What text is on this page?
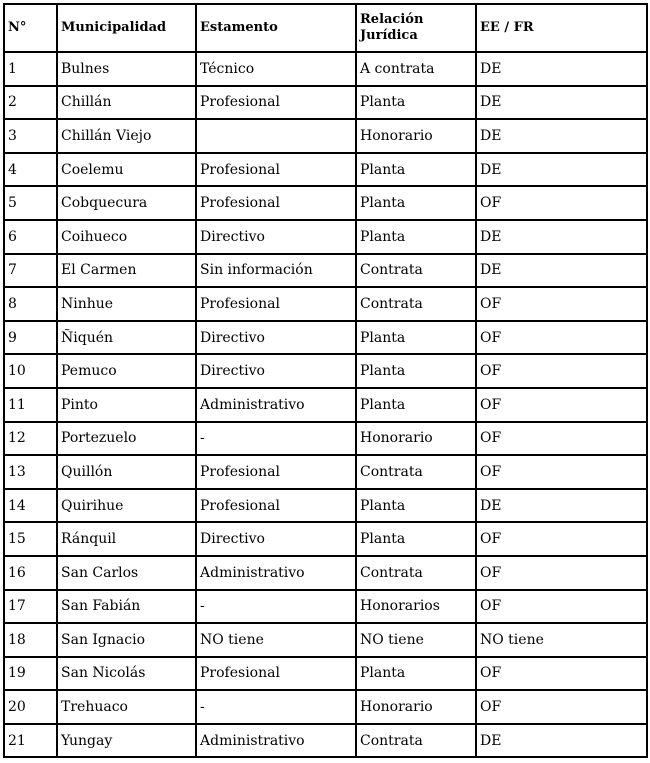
N°	Municipalidad	Estamento	Relación Jurídica	EE / FR
1	Bulnes	Técnico	A contrata	DE
2	Chillán	Profesional	Planta	DE
3	Chillán Viejo		Honorario	DE
4	Coelemu	Profesional	Planta	DE
5	Cobquecura	Profesional	Planta	OF
6	Coihueco	Directivo	Planta	DE
7	El Carmen	Sin información	Contrata	DE
8	Ninhue	Profesional	Contrata	OF
9	Ñiquén	Directivo	Planta	OF
10	Pemuco	Directivo	Planta	OF
11	Pinto	Administrativo	Planta	OF
12	Portezuelo	-	Honorario	OF
13	Quillón	Profesional	Contrata	OF
14	Quirihue	Profesional	Planta	DE
15	Ránquil	Directivo	Planta	OF
16	San Carlos	Administrativo	Contrata	OF
17	San Fabián	-	Honorarios	OF
18	San Ignacio	NO tiene	NO tiene	NO tiene
19	San Nicolás	Profesional	Planta	OF
20	Trehuaco	-	Honorario	OF
21	Yungay	Administrativo	Contrata	DE
